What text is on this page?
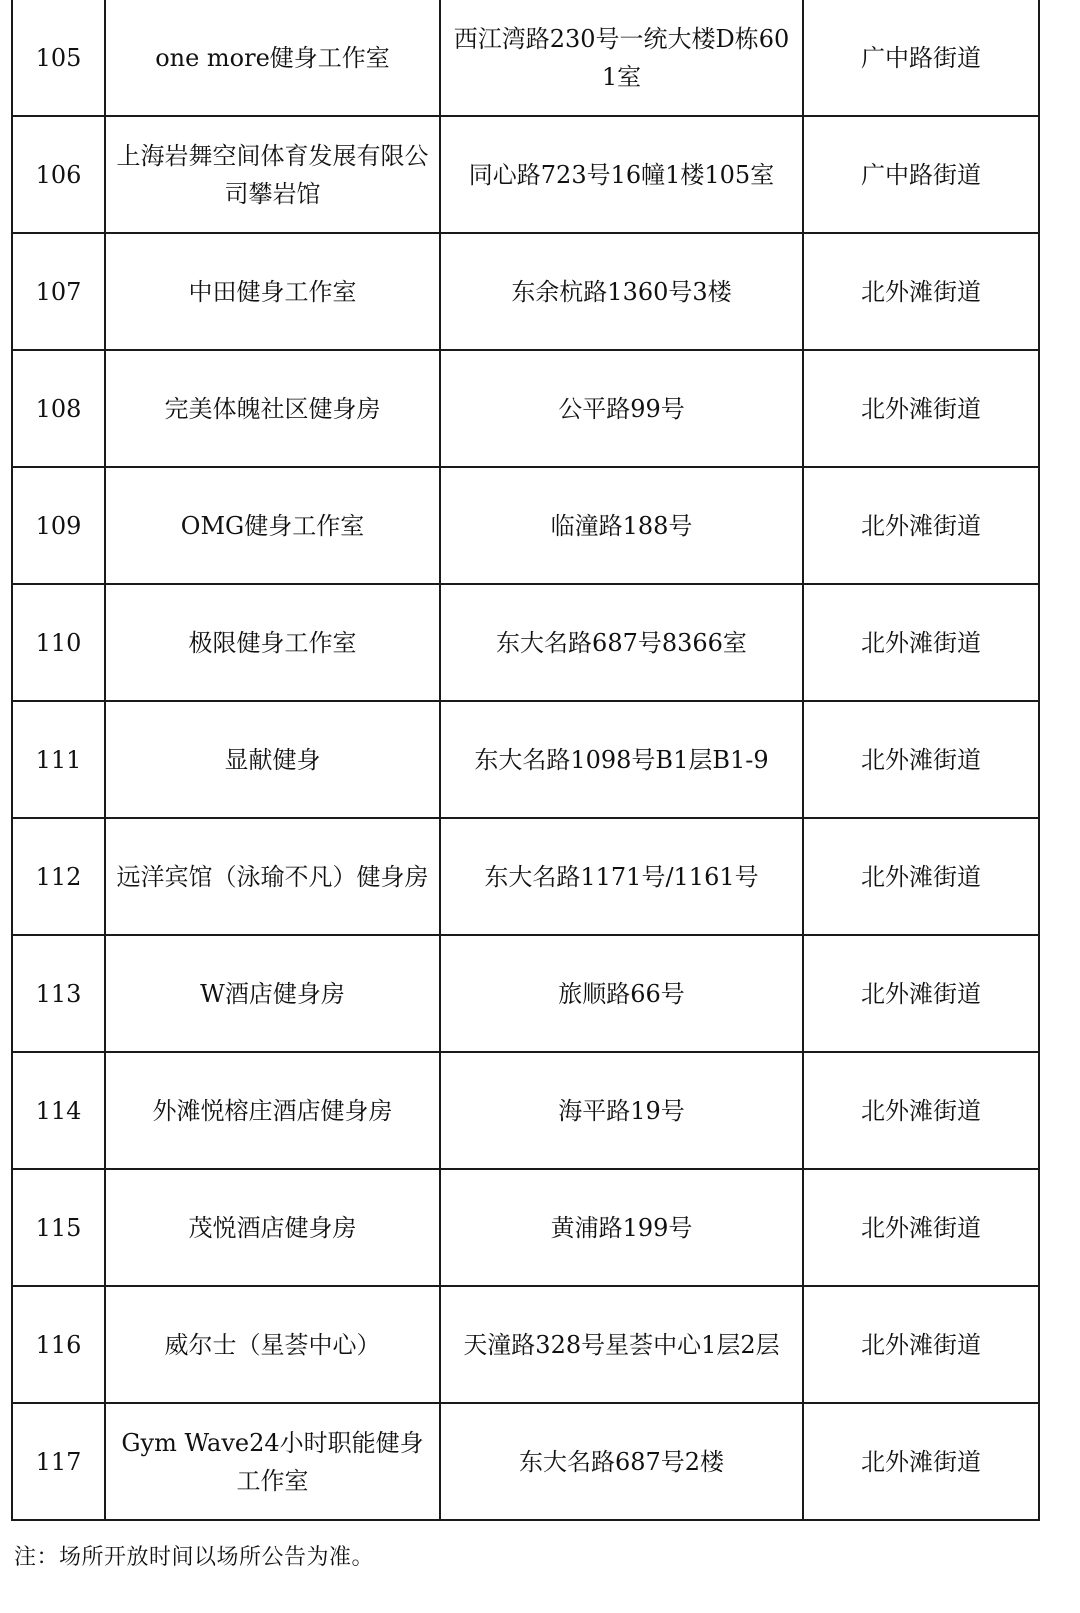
105	one more健身工作室	西江湾路230号一统大楼D栋601室	广中路街道
106	上海岩舞空间体育发展有限公司攀岩馆	同心路723号16幢1楼105室	广中路街道
107	中田健身工作室	东余杭路1360号3楼	北外滩街道
108	完美体魄社区健身房	公平路99号	北外滩街道
109	OMG健身工作室	临潼路188号	北外滩街道
110	极限健身工作室	东大名路687号8366室	北外滩街道
111	显献健身	东大名路1098号B1层B1-9	北外滩街道
112	远洋宾馆（泳瑜不凡）健身房	东大名路1171号/1161号	北外滩街道
113	W酒店健身房	旅顺路66号	北外滩街道
114	外滩悦榕庄酒店健身房	海平路19号	北外滩街道
115	茂悦酒店健身房	黄浦路199号	北外滩街道
116	威尔士（星荟中心）	天潼路328号星荟中心1层2层	北外滩街道
117	Gym Wave24小时职能健身工作室	东大名路687号2楼	北外滩街道
注：场所开放时间以场所公告为准。
